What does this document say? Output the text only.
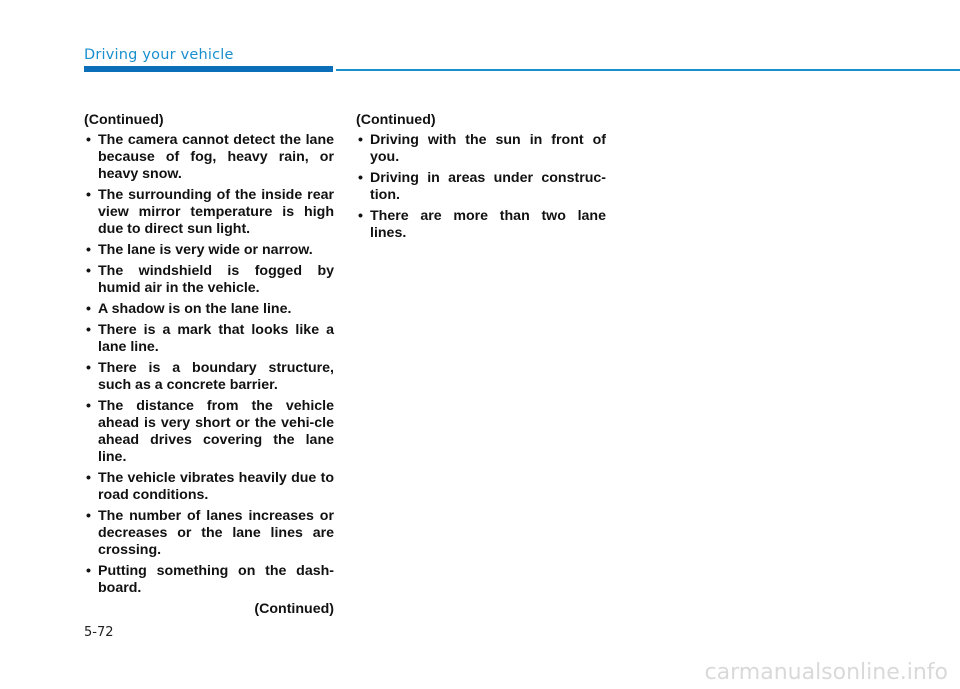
Driving your vehicle
(Continued)
• The camera cannot detect the lane because of fog, heavy rain, or heavy snow.
• The surrounding of the inside rear view mirror temperature is high due to direct sun light.
• The lane is very wide or narrow.
• The windshield is fogged by humid air in the vehicle.
• A shadow is on the lane line.
• There is a mark that looks like a lane line.
• There is a boundary structure, such as a concrete barrier.
• The distance from the vehicle ahead is very short or the vehi-cle ahead drives covering the lane line.
• The vehicle vibrates heavily due to road conditions.
• The number of lanes increases or decreases or the lane lines are crossing.
• Putting something on the dash-board.
(Continued)
(Continued)
• Driving with the sun in front of you.
• Driving in areas under construc-tion.
• There are more than two lane lines.
5-72
carmanualsonline.info
